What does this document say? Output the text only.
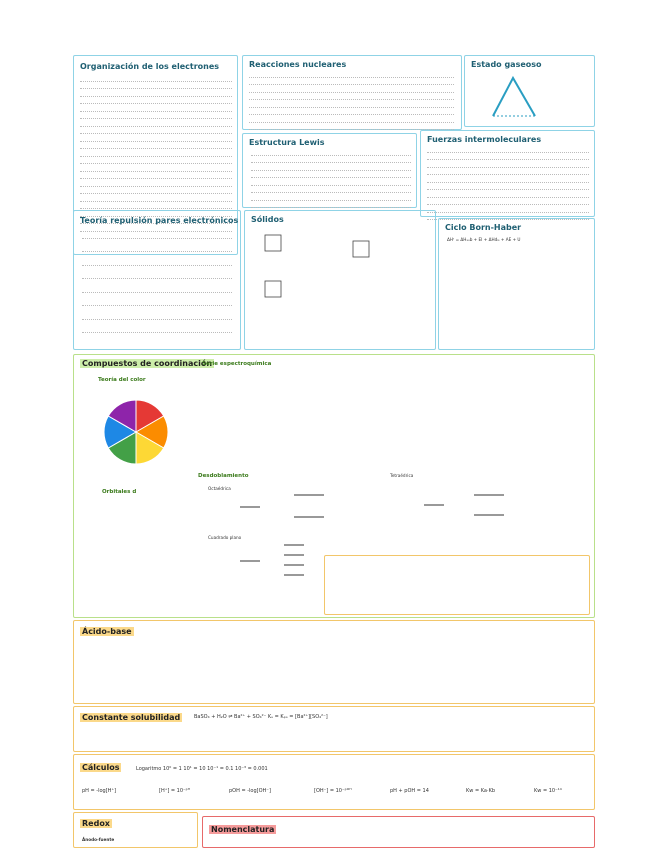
Organización de los electrones	Reacciones nucleares	Estado gaseoso
Estructura Lewis	Fuerzas intermoleculares
Teoría repulsión pares electrónicos Sólidos
Ciclo Born-Haber
ΔHᶠ = ΔHₛᵤb + EI + ΔHdᵢₛ + AE + U
Compuestos de coordinación
Serie espectroquímica
Teoría del color
Orbitales d
Desdoblamiento
Octaédrica
Tetraédrica
Cuadrado plano
Ácido-base
Constante solubilidad	BaSO₄ + H₂O ⇌ Ba²⁺ + SO₄²⁻ Kₛ = Kₚₛ = [Ba²⁺][SO₄²⁻]
Cálculos	Logaritmo 10⁰ = 1 10¹ = 10 10⁻¹ = 0.1 10⁻³ = 0.001
pH = -log[H⁺]	[H⁺] = 10⁻ᵖᴴ	pOH = -log[OH⁻]	[OH⁻] = 10⁻ᵖᴼᴴ	pH + pOH = 14	Kw = Ka·Kb	Kw = 10⁻¹⁴
Redox
Ánodo-fuente
Nomenclatura
